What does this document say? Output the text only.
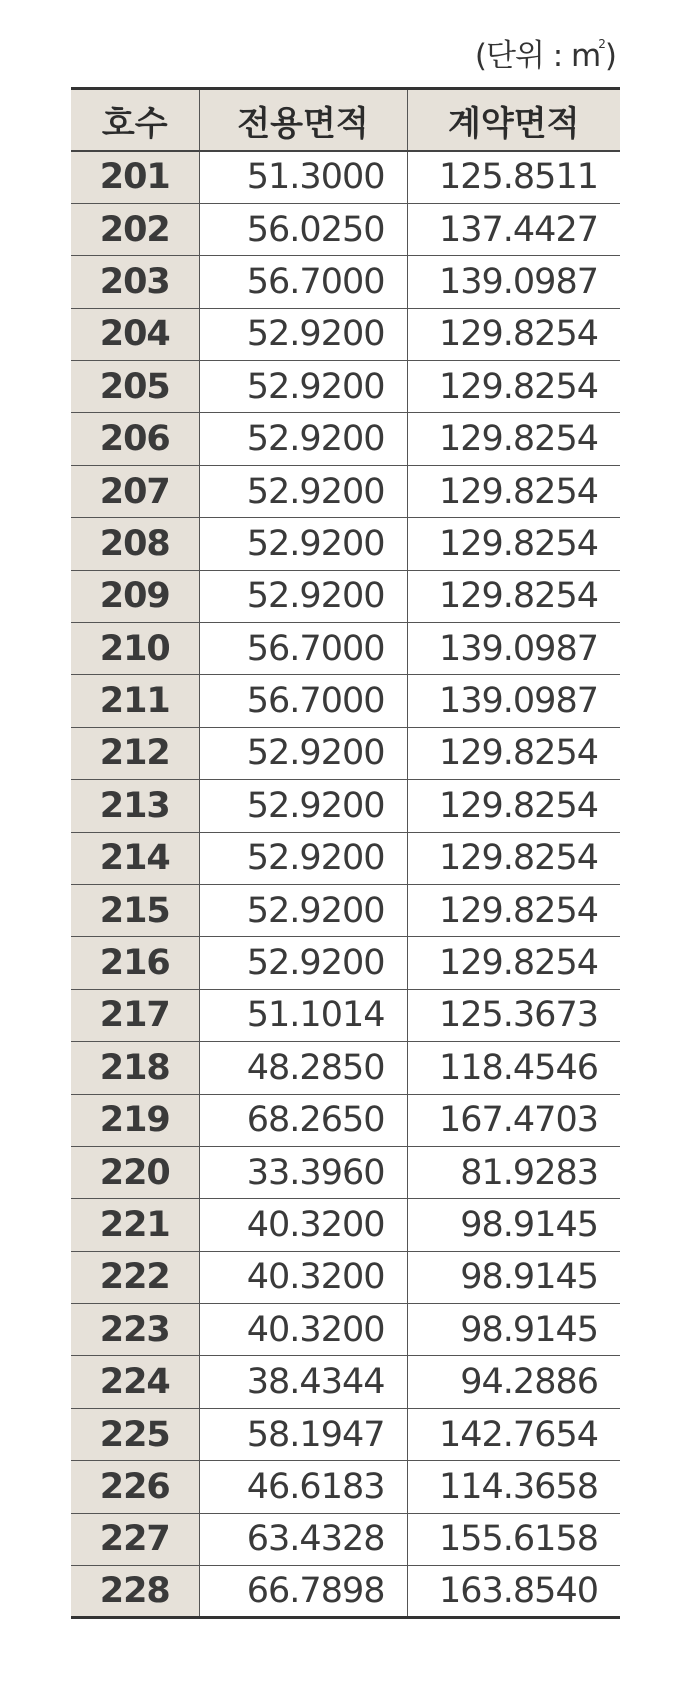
(단위 : $m^2$)
호수	전용면적	계약면적
201	51.3000	125.8511
202	56.0250	137.4427
203	56.7000	139.0987
204	52.9200	129.8254
205	52.9200	129.8254
206	52.9200	129.8254
207	52.9200	129.8254
208	52.9200	129.8254
209	52.9200	129.8254
210	56.7000	139.0987
211	56.7000	139.0987
212	52.9200	129.8254
213	52.9200	129.8254
214	52.9200	129.8254
215	52.9200	129.8254
216	52.9200	129.8254
217	51.1014	125.3673
218	48.2850	118.4546
219	68.2650	167.4703
220	33.3960	81.9283
221	40.3200	98.9145
222	40.3200	98.9145
223	40.3200	98.9145
224	38.4344	94.2886
225	58.1947	142.7654
226	46.6183	114.3658
227	63.4328	155.6158
228	66.7898	163.8540
